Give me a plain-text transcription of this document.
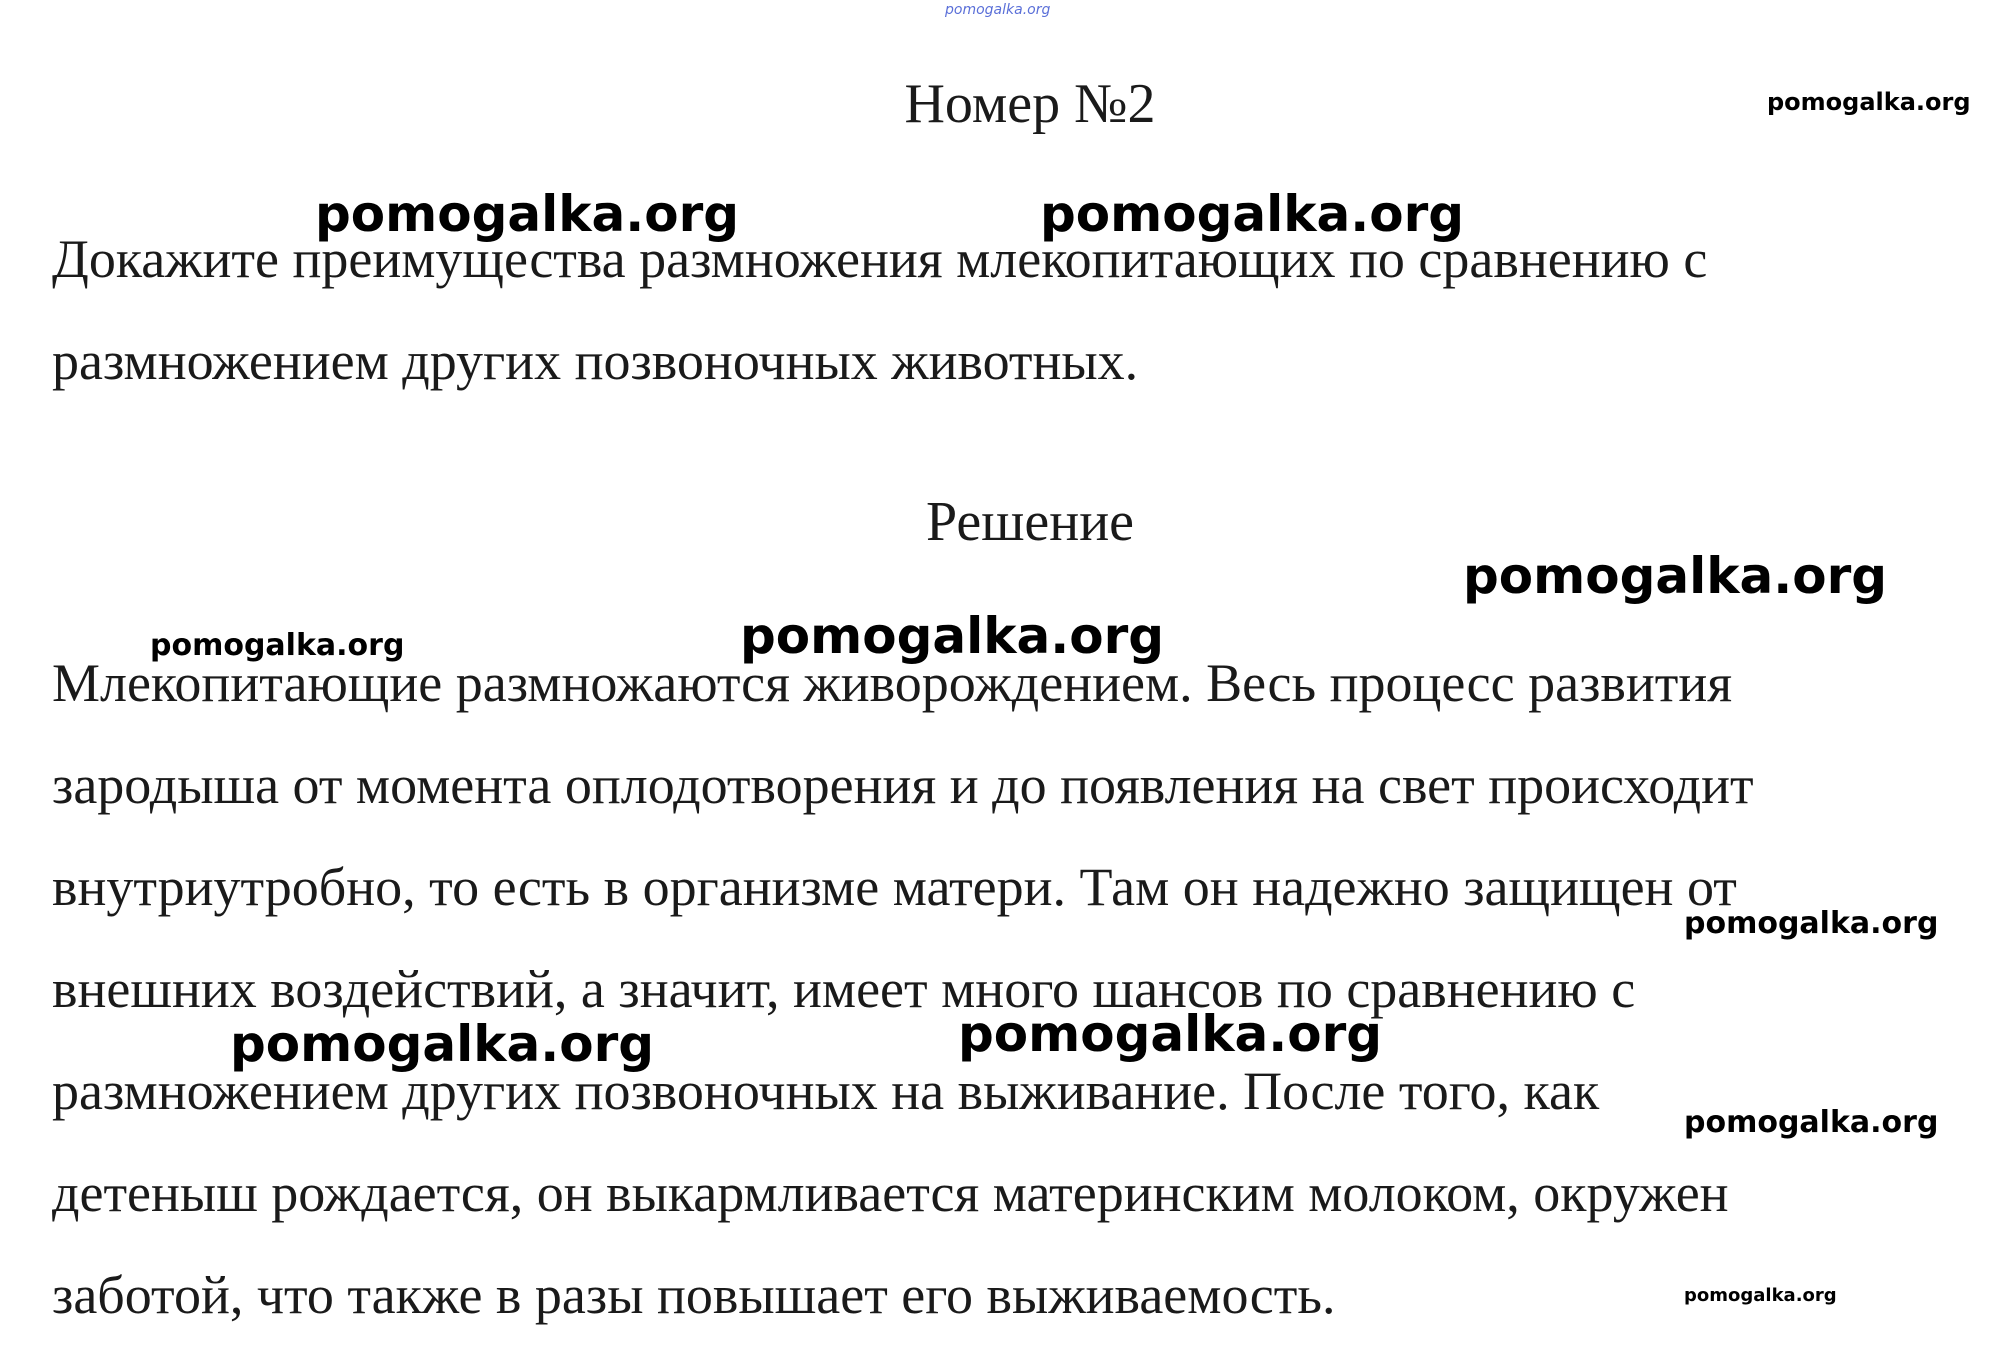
pomogalka.org
Номер №2
Докажите преимущества размножения млекопитающих по сравнению с
размножением других позвоночных животных.
Решение
Млекопитающие размножаются живорождением. Весь процесс развития
зародыша от момента оплодотворения и до появления на свет происходит
внутриутробно, то есть в организме матери. Там он надежно защищен от
внешних воздействий, а значит, имеет много шансов по сравнению с
размножением других позвоночных на выживание. После того, как
детеныш рождается, он выкармливается материнским молоком, окружен
заботой, что также в разы повышает его выживаемость.
pomogalka.org
pomogalka.org	pomogalka.org
pomogalka.org
pomogalka.org	pomogalka.org
pomogalka.org
pomogalka.org	pomogalka.org
pomogalka.org
pomogalka.org
